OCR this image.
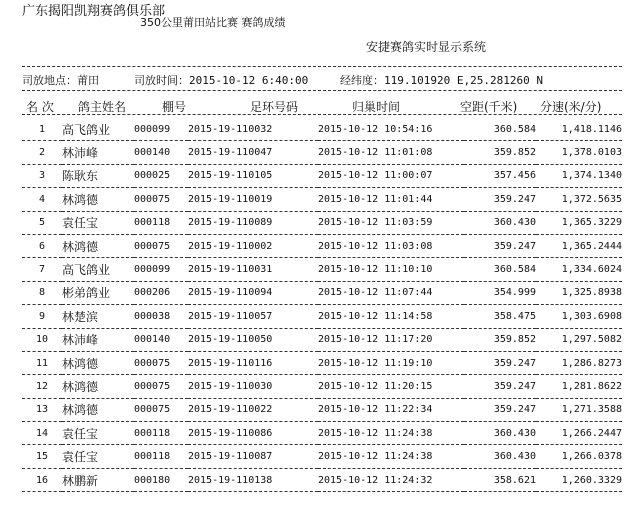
广东揭阳凯翔赛鸽俱乐部
350公里莆田站比赛 赛鸽成绩
安捷赛鸽实时显示系统
司放地点：莆田	司放时间：2015-10-12 6:40:00	经纬度：119.101920 E,25.281260 N
名 次 鸽主姓名	棚号	足环号码	归巢时间	空距(千米) 分速(米/分)
1	高飞鸽业	000099	2015-19-110032	2015-10-12 10:54:16	360.584	1,418.1146
2	林沛峰	000140	2015-19-110047	2015-10-12 11:01:08	359.852	1,378.0103
3	陈耿东	000025	2015-19-110105	2015-10-12 11:00:07	357.456	1,374.1340
4	林鸿德	000075	2015-19-110019	2015-10-12 11:01:44	359.247	1,372.5635
5	袁任宝	000118	2015-19-110089	2015-10-12 11:03:59	360.430	1,365.3229
6	林鸿德	000075	2015-19-110002	2015-10-12 11:03:08	359.247	1,365.2444
7	高飞鸽业	000099	2015-19-110031	2015-10-12 11:10:10	360.584	1,334.6024
8	彬弟鸽业	000206	2015-19-110094	2015-10-12 11:07:44	354.999	1,325.8938
9	林楚滨	000038	2015-19-110057	2015-10-12 11:14:58	358.475	1,303.6908
10	林沛峰	000140	2015-19-110050	2015-10-12 11:17:20	359.852	1,297.5082
11	林鸿德	000075	2015-19-110116	2015-10-12 11:19:10	359.247	1,286.8273
12	林鸿德	000075	2015-19-110030	2015-10-12 11:20:15	359.247	1,281.8622
13	林鸿德	000075	2015-19-110022	2015-10-12 11:22:34	359.247	1,271.3588
14	袁任宝	000118	2015-19-110086	2015-10-12 11:24:38	360.430	1,266.2447
15	袁任宝	000118	2015-19-110087	2015-10-12 11:24:38	360.430	1,266.0378
16	林鹏新	000180	2015-19-110138	2015-10-12 11:24:32	358.621	1,260.3329
